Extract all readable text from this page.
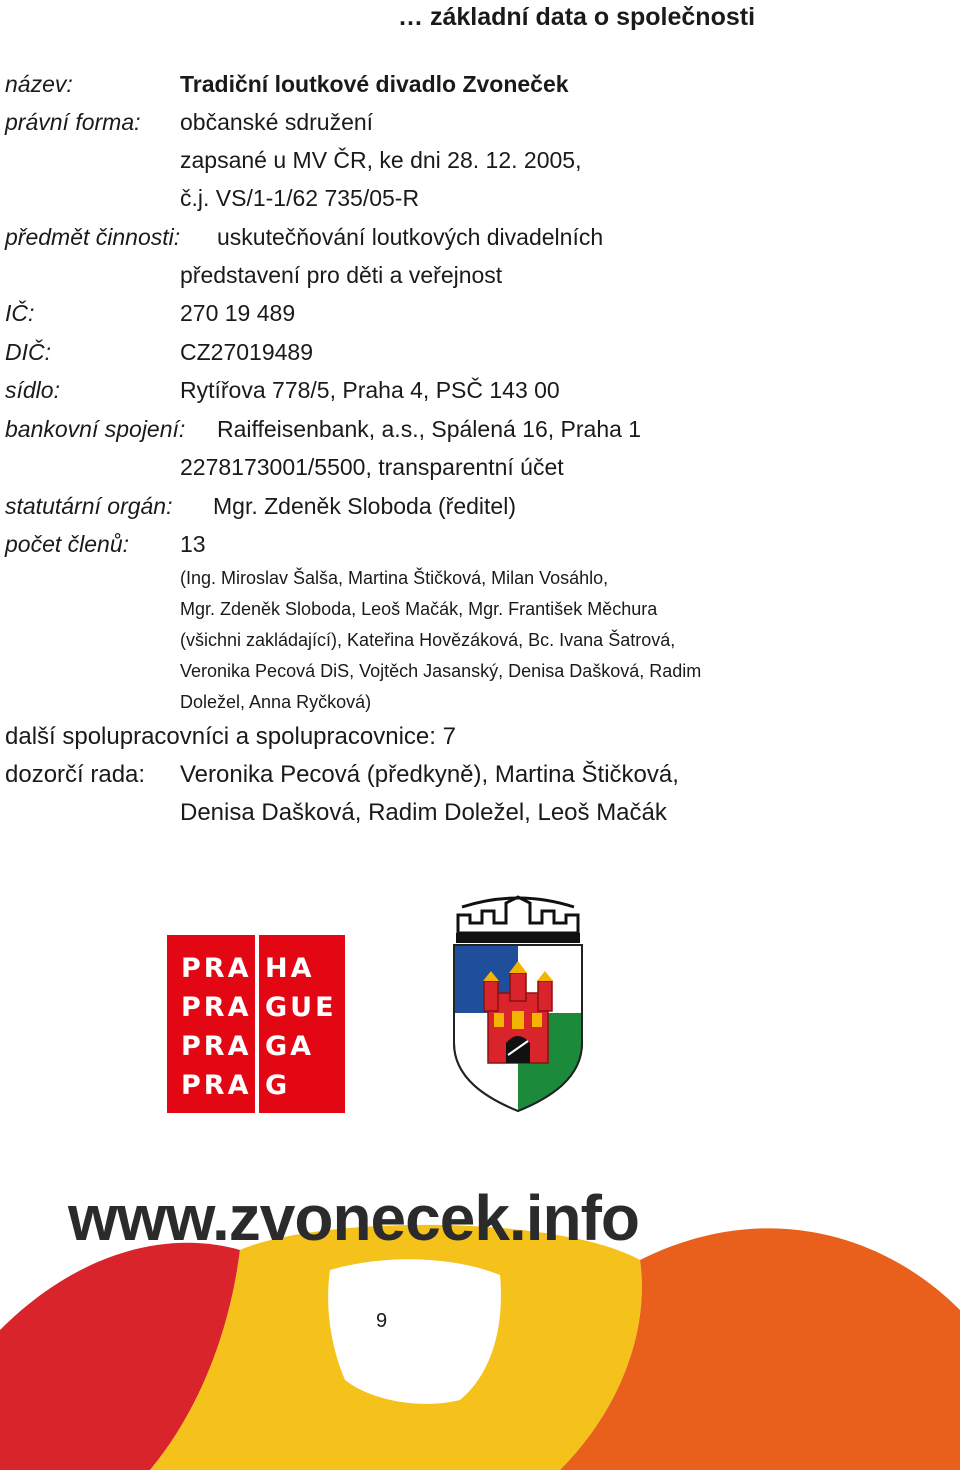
… základní data o společnosti
název:	Tradiční loutkové divadlo Zvoneček
právní forma: občanské sdružení
zapsané u MV ČR, ke dni 28. 12. 2005,
č.j. VS/1-1/62 735/05-R
předmět činnosti: uskutečňování loutkových divadelních
představení pro děti a veřejnost
IČ:	270 19 489
DIČ:	CZ27019489
sídlo:	Rytířova 778/5, Praha 4, PSČ 143 00
bankovní spojení: Raiffeisenbank, a.s., Spálená 16, Praha 1
2278173001/5500, transparentní účet
statutární orgán: Mgr. Zdeněk Sloboda (ředitel)
počet členů: 13
(Ing. Miroslav Šalša, Martina Štičková, Milan Vosáhlo,
Mgr. Zdeněk Sloboda, Leoš Mačák, Mgr. František Měchura
(všichni zakládající), Kateřina Hovězáková, Bc. Ivana Šatrová,
Veronika Pecová DiS, Vojtěch Jasanský, Denisa Dašková, Radim
Doležel, Anna Ryčková)
další spolupracovníci a spolupracovnice: 7
dozorčí rada: Veronika Pecová (předkyně), Martina Štičková,
Denisa Dašková, Radim Doležel, Leoš Mačák
PRA
PRA
PRA
PRA
HA
GUE
GA
G
www.zvonecek.info
9
